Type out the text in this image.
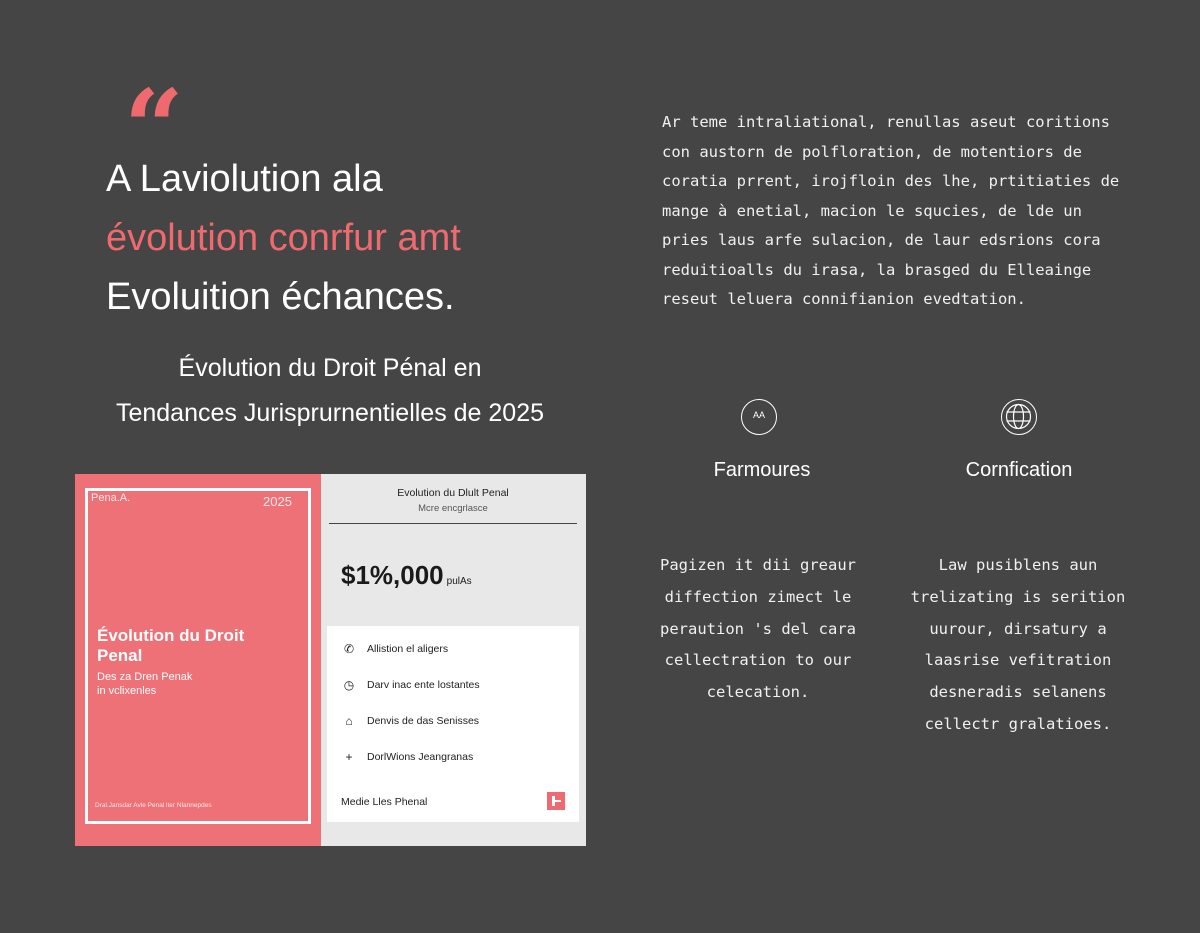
“
A Laviolution ala
évolution conrfur amt
Evoluition échances.
Évolution du Droit Pénal en
Tendances Jurisprurnentielles de 2025
Ar teme intraliational, renullas aseut coritions
con austorn de polfloration, de motentiors de
coratia prrent, irojfloin des lhe, prtitiaties de
mange à enetial, macion le squcies, de lde un
pries laus arfe sulacion, de laur edsrions cora
reduitioalls du irasa, la brasged du Elleainge
reseut leluera connifianion evedtation.
Pena.A.	2025
Évolution du Droit
Penal
Des za Dren Penak
in vclixenles
Dral.Jansdar Avle Penal lter Nlannepdes
Evolution du Dlult Penal
Mcre encgrlasce
$1%,000 pulAs
✆ Allistion el aligers
◷ Darv inac ente lostantes
⌂	Denvis de das Senisses
+	DorlWions Jeangranas
Medie Lles Phenal
AA
Farmoures	Cornfication
Pagizen it dii greaur
diffection zimect le
peraution 's del cara
cellectration to our
celecation.
Law pusiblens aun
trelizating is serition
uurour, dirsatury a
laasrise vefitration
desneradis selanens
cellectr gralatioes.
